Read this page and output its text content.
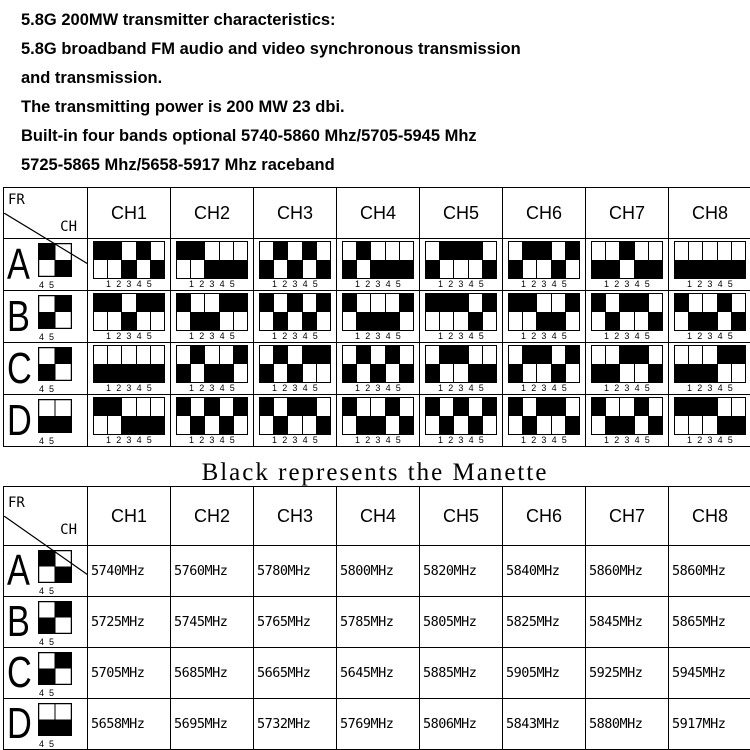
5.8G 200MW transmitter characteristics:

5.8G broadband FM audio and video synchronous transmission

and transmission.

The transmitting power is 200 MW 23 dbi.

Built-in four bands optional 5740-5860 Mhz/5705-5945 Mhz

5725-5865 Mhz/5658-5917 Mhz raceband

CH
FR	CH1	CH2	CH3	CH4	CH5	CH6	CH7	CH8

A 45	12345	12345	12345	12345	12345	12345	12345	12345

B 45	12345	12345	12345	12345	12345	12345	12345	12345

C 45	12345	12345	12345	12345	12345	12345	12345	12345

D 45	12345	12345	12345	12345	12345	12345	12345	12345
Black represents the Manette
CH
FR	CH1	CH2	CH3	CH4	CH5	CH6	CH7	CH8

A 45	5740MHz	5760MHz	5780MHz	5800MHz	5820MHz	5840MHz	5860MHz	5860MHz

B 45	5725MHz	5745MHz	5765MHz	5785MHz	5805MHz	5825MHz	5845MHz	5865MHz

C 45	5705MHz	5685MHz	5665MHz	5645MHz	5885MHz	5905MHz	5925MHz	5945MHz

D 45	5658MHz	5695MHz	5732MHz	5769MHz	5806MHz	5843MHz	5880MHz	5917MHz
